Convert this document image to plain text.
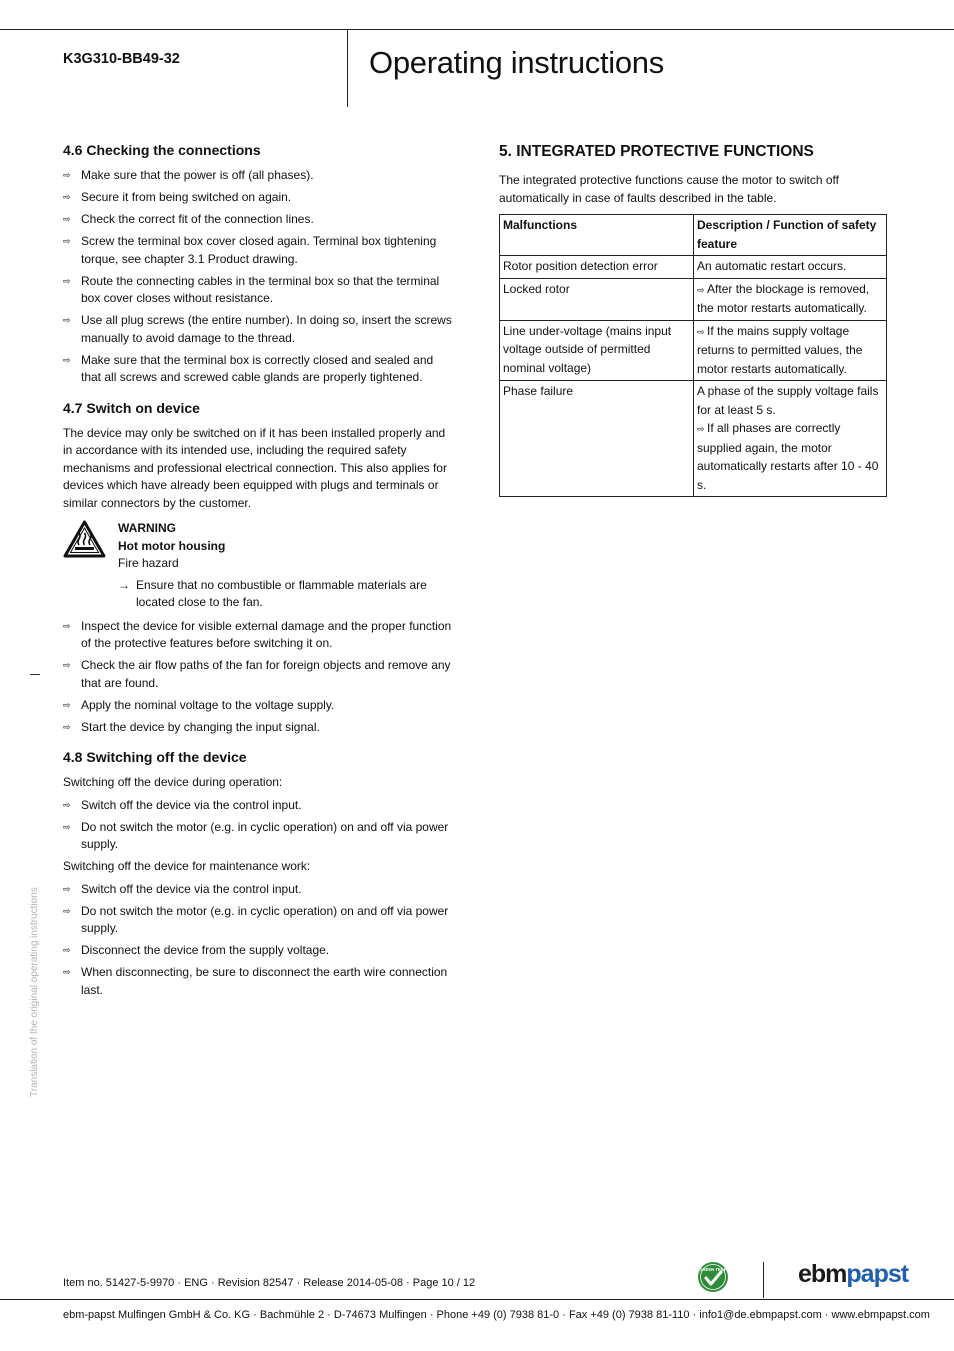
K3G310-BB49-32	Operating instructions
4.6 Checking the connections
⇨ Make sure that the power is off (all phases).
⇨ Secure it from being switched on again.
⇨ Check the correct fit of the connection lines.
⇨ Screw the terminal box cover closed again. Terminal box tightening torque, see chapter 3.1 Product drawing.
⇨ Route the connecting cables in the terminal box so that the terminal box cover closes without resistance.
⇨ Use all plug screws (the entire number). In doing so, insert the screws manually to avoid damage to the thread.
⇨ Make sure that the terminal box is correctly closed and sealed and that all screws and screwed cable glands are properly tightened.
4.7 Switch on device

The device may only be switched on if it has been installed properly and in accordance with its intended use, including the required safety mechanisms and professional electrical connection. This also applies for devices which have already been equipped with plugs and terminals or similar connectors by the customer.

WARNING
Hot motor housing
Fire hazard
→ Ensure that no combustible or flammable materials are located close to the fan.
⇨ Inspect the device for visible external damage and the proper function of the protective features before switching it on.
⇨ Check the air flow paths of the fan for foreign objects and remove any that are found.
⇨ Apply the nominal voltage to the voltage supply.
⇨ Start the device by changing the input signal.
4.8 Switching off the device

Switching off the device during operation:

⇨ Switch off the device via the control input.
⇨ Do not switch the motor (e.g. in cyclic operation) on and off via power supply.

Switching off the device for maintenance work:

⇨ Switch off the device via the control input.
⇨ Do not switch the motor (e.g. in cyclic operation) on and off via power supply.
⇨ Disconnect the device from the supply voltage.
⇨ When disconnecting, be sure to disconnect the earth wire connection last.
5. INTEGRATED PROTECTIVE FUNCTIONS

The integrated protective functions cause the motor to switch off automatically in case of faults described in the table.

Malfunctions	Description / Function of safety feature
Rotor position detection error	An automatic restart occurs.

Locked rotor	⇨ After the blockage is removed, the motor restarts automatically.

Line under-voltage (mains input voltage outside of permitted nominal voltage)	⇨ If the mains supply voltage returns to permitted values, the motor restarts automatically.

Phase failure	A phase of the supply voltage fails for at least 5 s.
⇨ If all phases are correctly supplied again, the motor automatically restarts after 10 - 40 s.
Translation of the original operating instructions
Item no. 51427-5-9970 · ENG · Revision 82547 · Release 2014-05-08 · Page 10 / 12
GREEN TECH	ebmpapst
ebm-papst Mulfingen GmbH & Co. KG · Bachmühle 2 · D-74673 Mulfingen · Phone +49 (0) 7938 81-0 · Fax +49 (0) 7938 81-110 · info1@de.ebmpapst.com · www.ebmpapst.com
